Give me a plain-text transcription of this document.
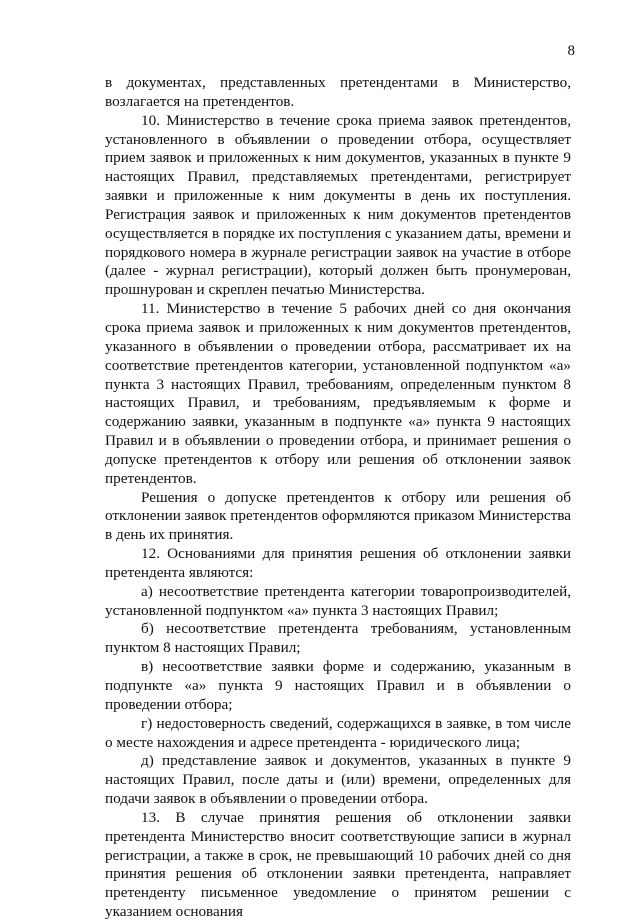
8

в документах, представленных претендентами в Министерство, возлагается на претендентов.

10. Министерство в течение срока приема заявок претендентов, установленного в объявлении о проведении отбора, осуществляет прием заявок и приложенных к ним документов, указанных в пункте 9 настоящих Правил, представляемых претендентами, регистрирует заявки и приложенные к ним документы в день их поступления. Регистрация заявок и приложенных к ним документов претендентов осуществляется в порядке их поступления с указанием даты, времени и порядкового номера в журнале регистрации заявок на участие в отборе (далее - журнал регистрации), который должен быть пронумерован, прошнурован и скреплен печатью Министерства.

11. Министерство в течение 5 рабочих дней со дня окончания срока приема заявок и приложенных к ним документов претендентов, указанного в объявлении о проведении отбора, рассматривает их на соответствие претендентов категории, установленной подпунктом «а» пункта 3 настоящих Правил, требованиям, определенным пунктом 8 настоящих Правил, и требованиям, предъявляемым к форме и содержанию заявки, указанным в подпункте «а» пункта 9 настоящих Правил и в объявлении о проведении отбора, и принимает решения о допуске претендентов к отбору или решения об отклонении заявок претендентов.

Решения о допуске претендентов к отбору или решения об отклонении заявок претендентов оформляются приказом Министерства в день их принятия.

12. Основаниями для принятия решения об отклонении заявки претендента являются:

а) несоответствие претендента категории товаропроизводителей, установленной подпунктом «а» пункта 3 настоящих Правил;

б) несоответствие претендента требованиям, установленным пунктом 8 настоящих Правил;

в) несоответствие заявки форме и содержанию, указанным в подпункте «а» пункта 9 настоящих Правил и в объявлении о проведении отбора;

г) недостоверность сведений, содержащихся в заявке, в том числе о месте нахождения и адресе претендента - юридического лица;

д) представление заявок и документов, указанных в пункте 9 настоящих Правил, после даты и (или) времени, определенных для подачи заявок в объявлении о проведении отбора.

13. В случае принятия решения об отклонении заявки претендента Министерство вносит соответствующие записи в журнал регистрации, а также в срок, не превышающий 10 рабочих дней со дня принятия решения об отклонении заявки претендента, направляет претенденту письменное уведомление о принятом решении с указанием основания
